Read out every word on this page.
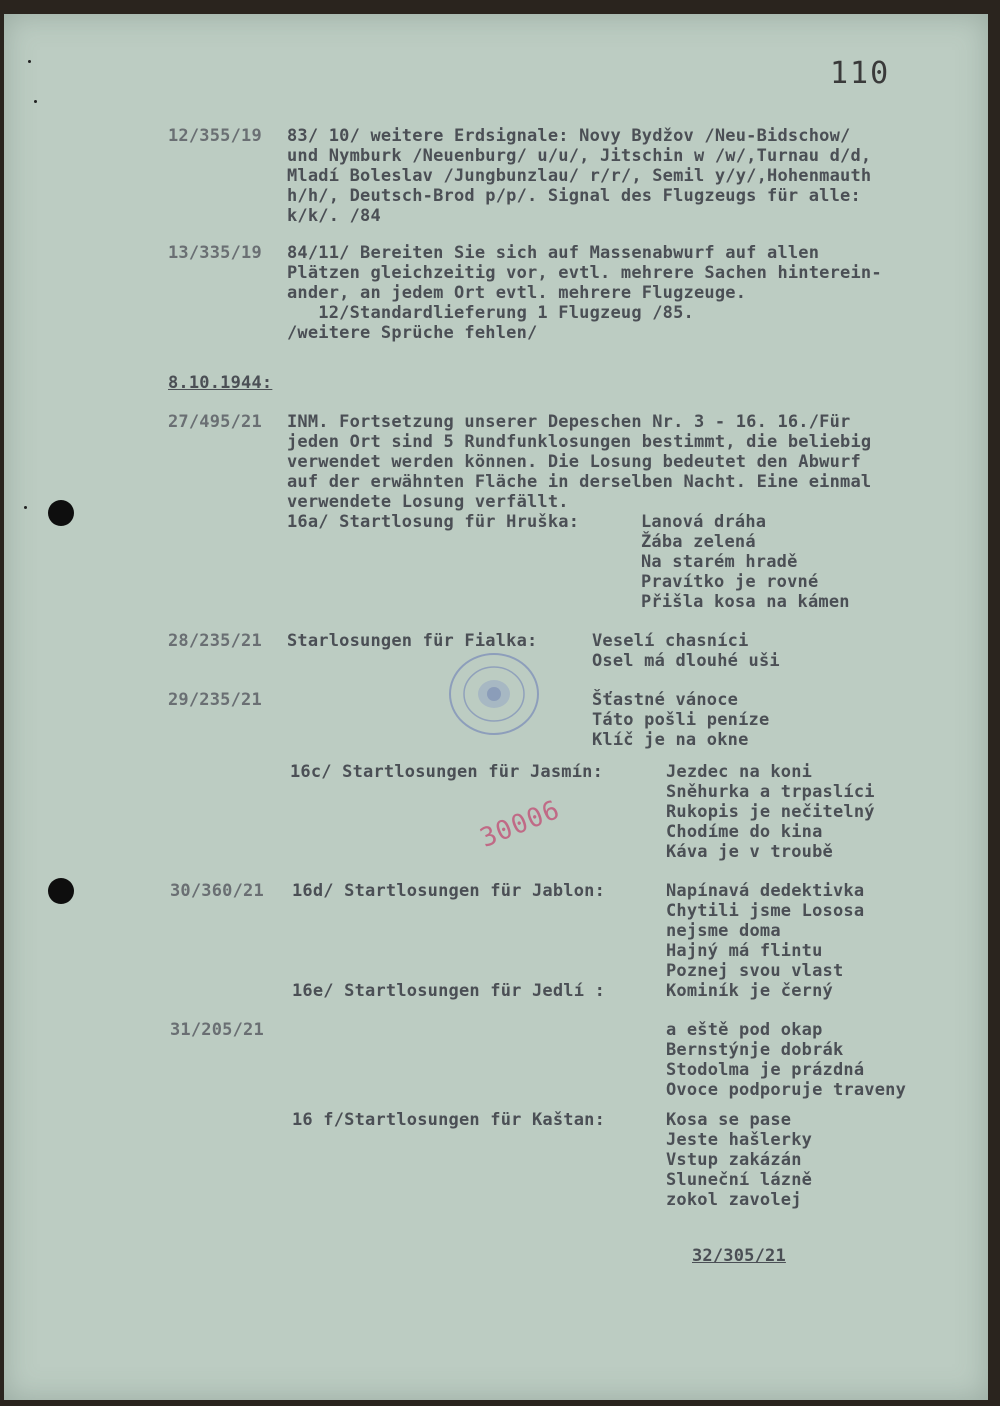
110
12/355/19 83/ 10/ weitere Erdsignale: Novy Bydžov /Neu-Bidschow/
und Nymburk /Neuenburg/ u/u/, Jitschin w /w/,Turnau d/d,
Mladí Boleslav /Jungbunzlau/ r/r/, Semil y/y/,Hohenmauth
h/h/, Deutsch-Brod p/p/. Signal des Flugzeugs für alle:
k/k/. /84
13/335/19 84/11/ Bereiten Sie sich auf Massenabwurf auf allen
Plätzen gleichzeitig vor, evtl. mehrere Sachen hinterein-
ander, an jedem Ort evtl. mehrere Flugzeuge.
12/Standardlieferung 1 Flugzeug /85.
/weitere Sprüche fehlen/
8.10.1944:
27/495/21 INM. Fortsetzung unserer Depeschen Nr. 3 - 16. 16./Für
jeden Ort sind 5 Rundfunklosungen bestimmt, die beliebig
verwendet werden können. Die Losung bedeutet den Abwurf
auf der erwähnten Fläche in derselben Nacht. Eine einmal
verwendete Losung verfällt.
16a/ Startlosung für Hruška:	Lanová dráha
Žába zelená
Na starém hradě
Pravítko je rovné
Přišla kosa na kámen
28/235/21 Starlosungen für Fialka:	Veselí chasníci
Osel má dlouhé uši
29/235/21	Šťastné vánoce
Táto pošli peníze
Klíč je na okne
16c/ Startlosungen für Jasmín:	Jezdec na koni
Sněhurka a trpaslíci
Rukopis je nečitelný
Chodíme do kina
Káva je v troubě
30/360/21 16d/ Startlosungen für Jablon:	Napínavá dedektivka
Chytili jsme Lososa
nejsme doma
Hajný má flintu
Poznej svou vlast
16e/ Startlosungen für Jedlí :	Kominík je černý
31/205/21	a eště pod okap
Bernstýnje dobrák
Stodolma je prázdná
Ovoce podporuje traveny
16 f/Startlosungen für Kaštan:	Kosa se pase
Jeste hašlerky
Vstup zakázán
Sluneční lázně
zokol zavolej
32/305/21
30006
